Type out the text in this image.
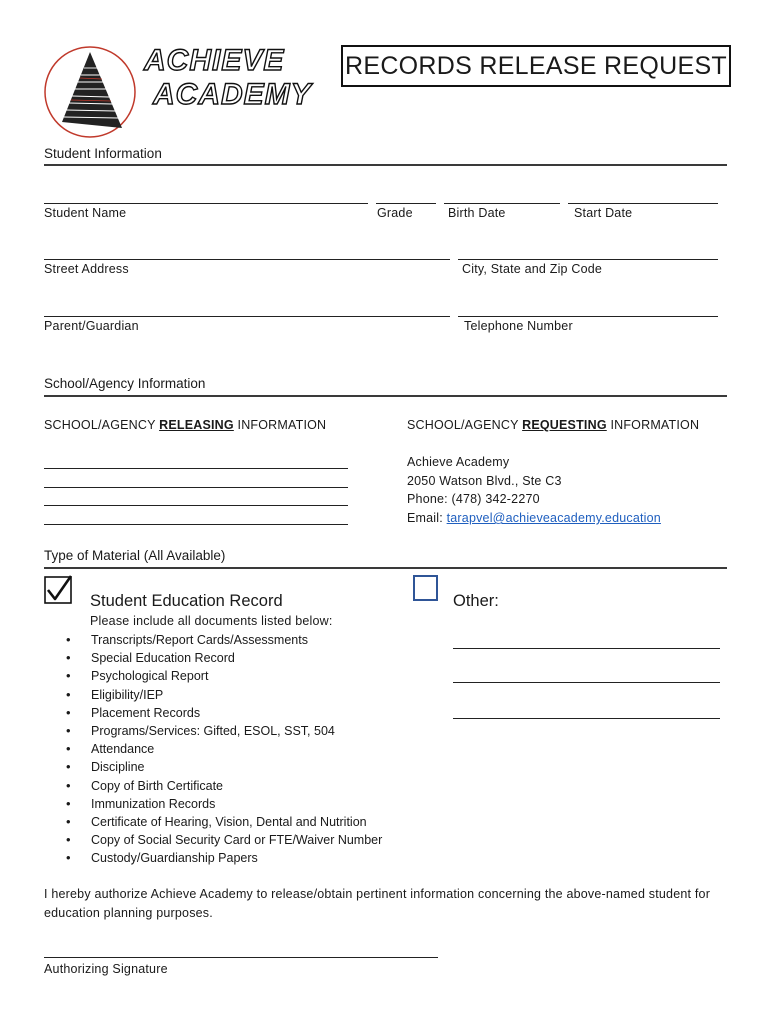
ACHIEVE
ACADEMY
RECORDS RELEASE REQUEST
Student Information
Student Name	Grade	Birth Date	Start Date
Street Address	City, State and Zip Code
Parent/Guardian	Telephone Number
School/Agency Information
SCHOOL/AGENCY RELEASING INFORMATION	SCHOOL/AGENCY REQUESTING INFORMATION
Achieve Academy
2050 Watson Blvd., Ste C3
Phone: (478) 342-2270
Email: tarapvel@achieveacademy.education
Type of Material (All Available)
Student Education Record
Please include all documents listed below:
• Transcripts/Report Cards/Assessments
• Special Education Record
• Psychological Report
• Eligibility/IEP
• Placement Records
• Programs/Services: Gifted, ESOL, SST, 504
• Attendance
• Discipline
• Copy of Birth Certificate
• Immunization Records
• Certificate of Hearing, Vision, Dental and Nutrition
• Copy of Social Security Card or FTE/Waiver Number
• Custody/Guardianship Papers
Other:
I hereby authorize Achieve Academy to release/obtain pertinent information concerning the above-named student for
education planning purposes.
Authorizing Signature
